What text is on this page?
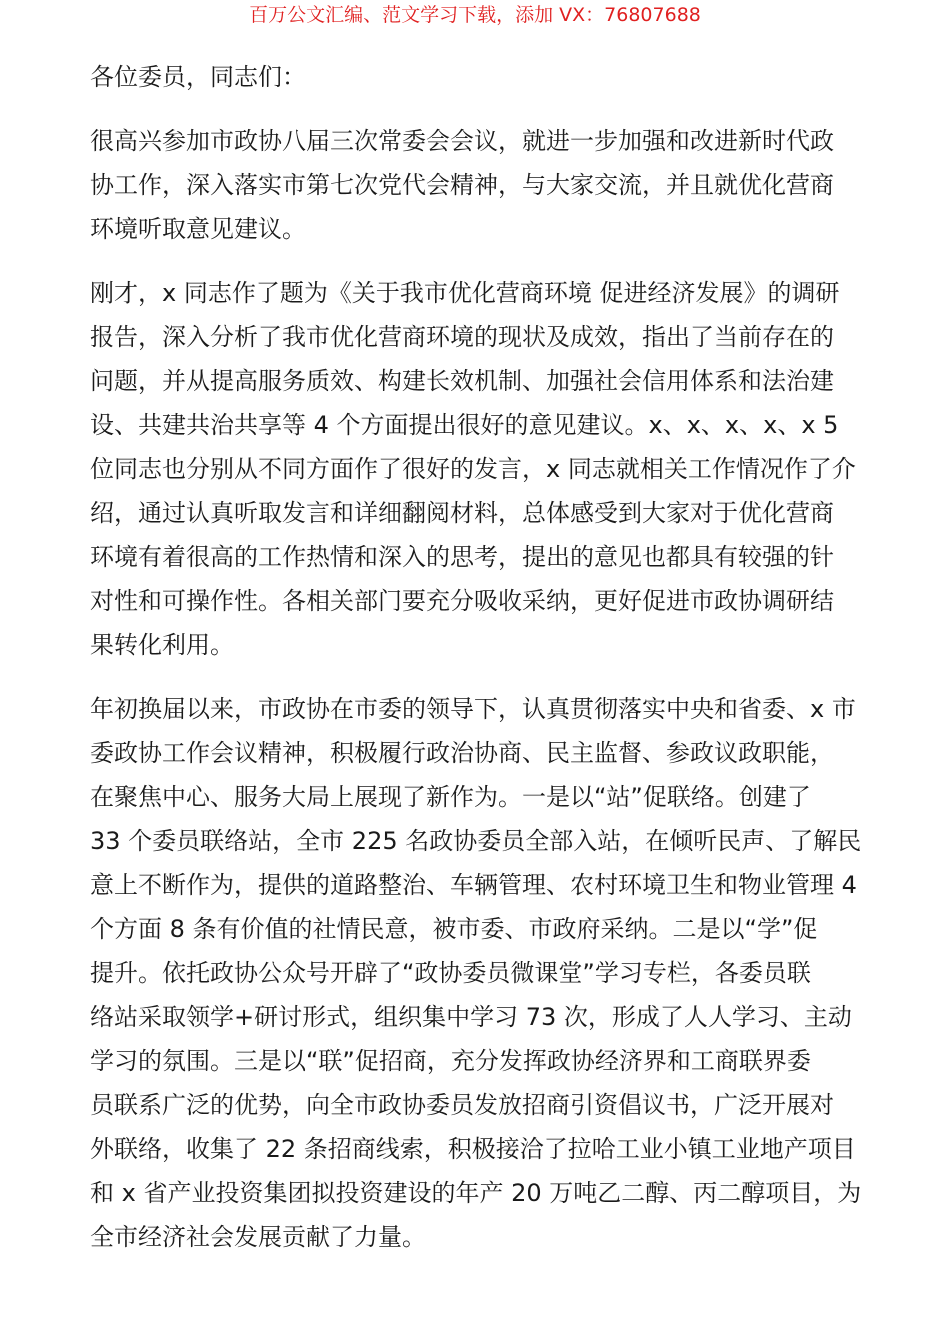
百万公文汇编、范文学习下载，添加 VX：76807688

各位委员，同志们：

很高兴参加市政协八届三次常委会会议，就进一步加强和改进新时代政
协工作，深入落实市第七次党代会精神，与大家交流，并且就优化营商
环境听取意见建议。

刚才，x 同志作了题为《关于我市优化营商环境 促进经济发展》的调研
报告，深入分析了我市优化营商环境的现状及成效，指出了当前存在的
问题，并从提高服务质效、构建长效机制、加强社会信用体系和法治建
设、共建共治共享等 4 个方面提出很好的意见建议。x、x、x、x、x 5
位同志也分别从不同方面作了很好的发言，x 同志就相关工作情况作了介
绍，通过认真听取发言和详细翻阅材料，总体感受到大家对于优化营商
环境有着很高的工作热情和深入的思考，提出的意见也都具有较强的针
对性和可操作性。各相关部门要充分吸收采纳，更好促进市政协调研结
果转化利用。

年初换届以来，市政协在市委的领导下，认真贯彻落实中央和省委、x 市
委政协工作会议精神，积极履行政治协商、民主监督、参政议政职能，
在聚焦中心、服务大局上展现了新作为。一是以“站”促联络。创建了
33 个委员联络站，全市 225 名政协委员全部入站，在倾听民声、了解民
意上不断作为，提供的道路整治、车辆管理、农村环境卫生和物业管理 4
个方面 8 条有价值的社情民意，被市委、市政府采纳。二是以“学”促
提升。依托政协公众号开辟了“政协委员微课堂”学习专栏，各委员联
络站采取领学+研讨形式，组织集中学习 73 次，形成了人人学习、主动
学习的氛围。三是以“联”促招商，充分发挥政协经济界和工商联界委
员联系广泛的优势，向全市政协委员发放招商引资倡议书，广泛开展对
外联络，收集了 22 条招商线索，积极接洽了拉哈工业小镇工业地产项目
和 x 省产业投资集团拟投资建设的年产 20 万吨乙二醇、丙二醇项目，为
全市经济社会发展贡献了力量。
